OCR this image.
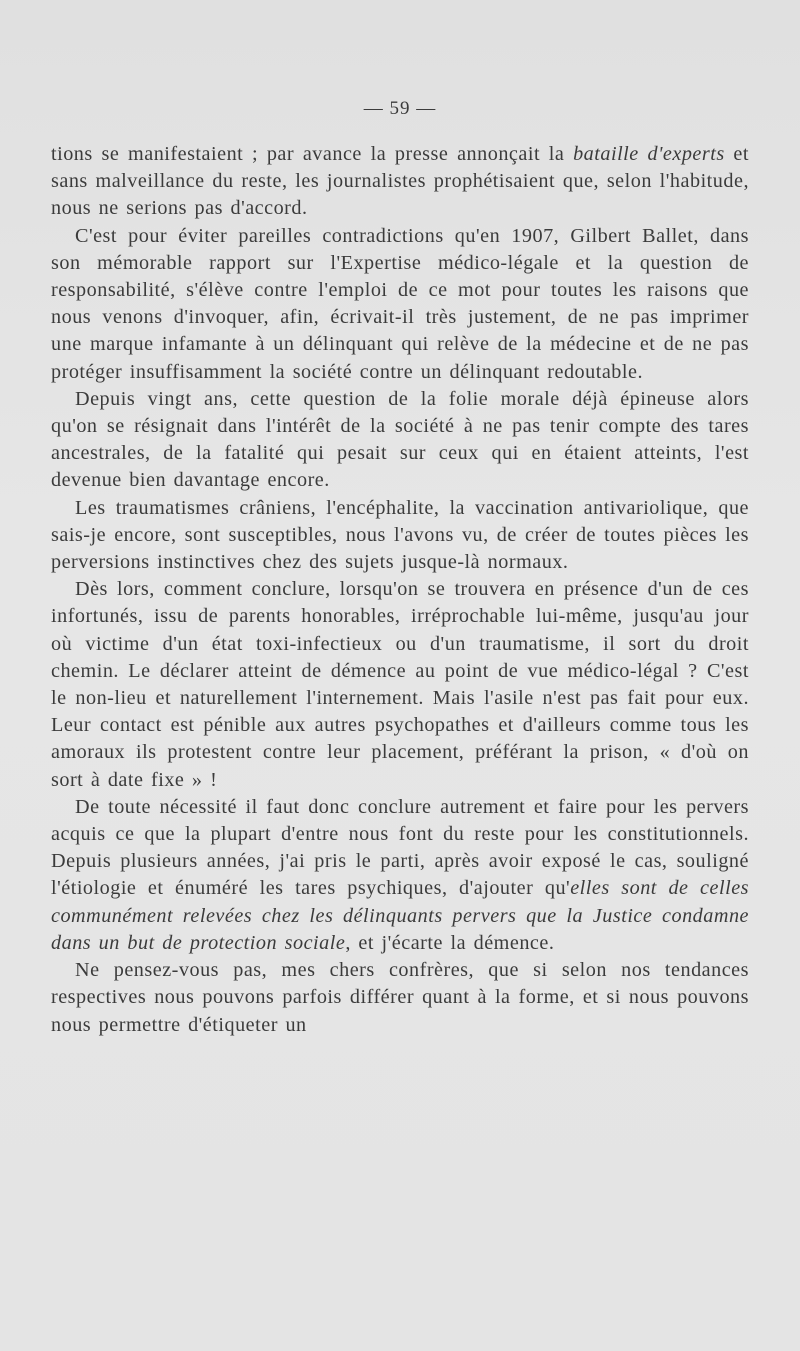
— 59 —

tions se manifestaient ; par avance la presse annonçait la bataille d'experts et sans malveillance du reste, les journalistes prophétisaient que, selon l'habitude, nous ne serions pas d'accord.

C'est pour éviter pareilles contradictions qu'en 1907, Gilbert Ballet, dans son mémorable rapport sur l'Expertise médico-légale et la question de responsabilité, s'élève contre l'emploi de ce mot pour toutes les raisons que nous venons d'invoquer, afin, écrivait-il très justement, de ne pas imprimer une marque infamante à un délinquant qui relève de la médecine et de ne pas protéger insuffisamment la société contre un délinquant redoutable.

Depuis vingt ans, cette question de la folie morale déjà épineuse alors qu'on se résignait dans l'intérêt de la société à ne pas tenir compte des tares ancestrales, de la fatalité qui pesait sur ceux qui en étaient atteints, l'est devenue bien davantage encore.

Les traumatismes crâniens, l'encéphalite, la vaccination antivariolique, que sais-je encore, sont susceptibles, nous l'avons vu, de créer de toutes pièces les perversions instinctives chez des sujets jusque-là normaux.

Dès lors, comment conclure, lorsqu'on se trouvera en présence d'un de ces infortunés, issu de parents honorables, irréprochable lui-même, jusqu'au jour où victime d'un état toxi-infectieux ou d'un traumatisme, il sort du droit chemin. Le déclarer atteint de démence au point de vue médico-légal ? C'est le non-lieu et naturellement l'internement. Mais l'asile n'est pas fait pour eux. Leur contact est pénible aux autres psychopathes et d'ailleurs comme tous les amoraux ils protestent contre leur placement, préférant la prison, « d'où on sort à date fixe » !

De toute nécessité il faut donc conclure autrement et faire pour les pervers acquis ce que la plupart d'entre nous font du reste pour les constitutionnels. Depuis plusieurs années, j'ai pris le parti, après avoir exposé le cas, souligné l'étiologie et énuméré les tares psychiques, d'ajouter qu'elles sont de celles communément relevées chez les délinquants pervers que la Justice condamne dans un but de protection sociale, et j'écarte la démence.

Ne pensez-vous pas, mes chers confrères, que si selon nos tendances respectives nous pouvons parfois différer quant à la forme, et si nous pouvons nous permettre d'étiqueter un
